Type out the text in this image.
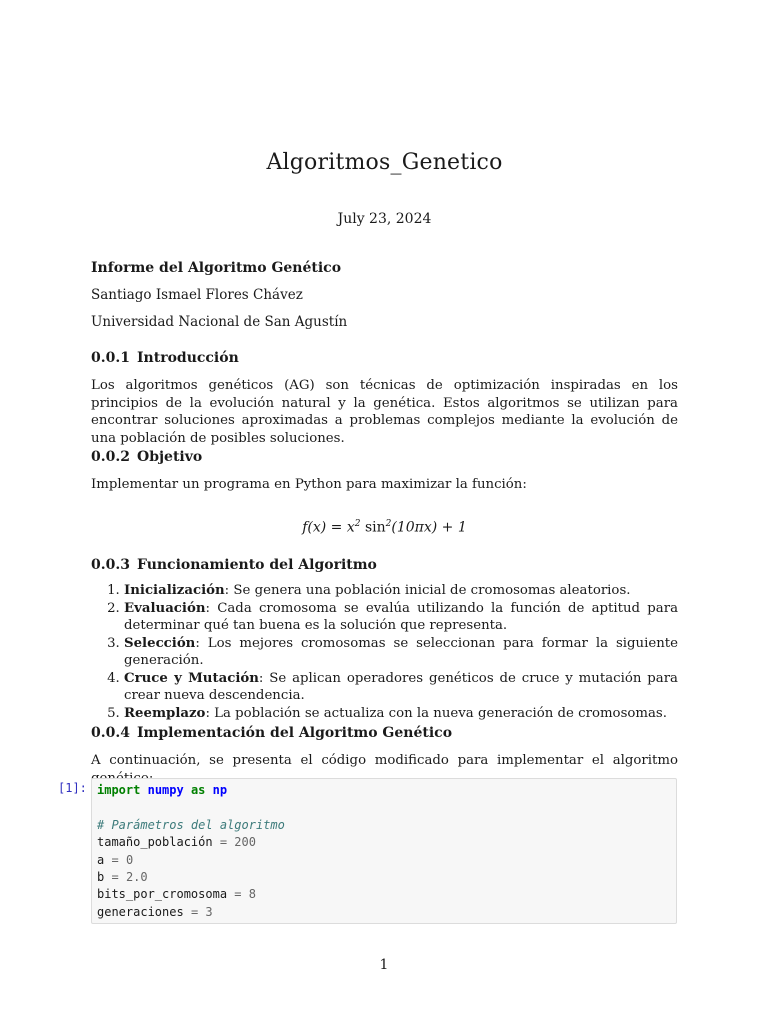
Algoritmos_Genetico
July 23, 2024
Informe del Algoritmo Genético
Santiago Ismael Flores Chávez
Universidad Nacional de San Agustín
0.0.1 Introducción
Los algoritmos genéticos (AG) son técnicas de optimización inspiradas en los principios de la evolución natural y la genética. Estos algoritmos se utilizan para encontrar soluciones aproximadas a problemas complejos mediante la evolución de una población de posibles soluciones.
0.0.2 Objetivo
Implementar un programa en Python para maximizar la función:
$f(x) = x^2$ $\sin^2(10\pi x) + 1$
0.0.3 Funcionamiento del Algoritmo
1. Inicialización: Se genera una población inicial de cromosomas aleatorios.
2. Evaluación: Cada cromosoma se evalúa utilizando la función de aptitud para determinar qué tan buena es la solución que representa.
3. Selección: Los mejores cromosomas se seleccionan para formar la siguiente generación.
4. Cruce y Mutación: Se aplican operadores genéticos de cruce y mutación para crear nueva descendencia.
5. Reemplazo: La población se actualiza con la nueva generación de cromosomas.
0.0.4 Implementación del Algoritmo Genético
A continuación, se presenta el código modificado para implementar el algoritmo
[1]: import numpy as np

# Parámetros del algoritmo
tamaño_población = 200
a = 0
b = 2.0
bits_por_cromosoma = 8
generaciones = 3
1
